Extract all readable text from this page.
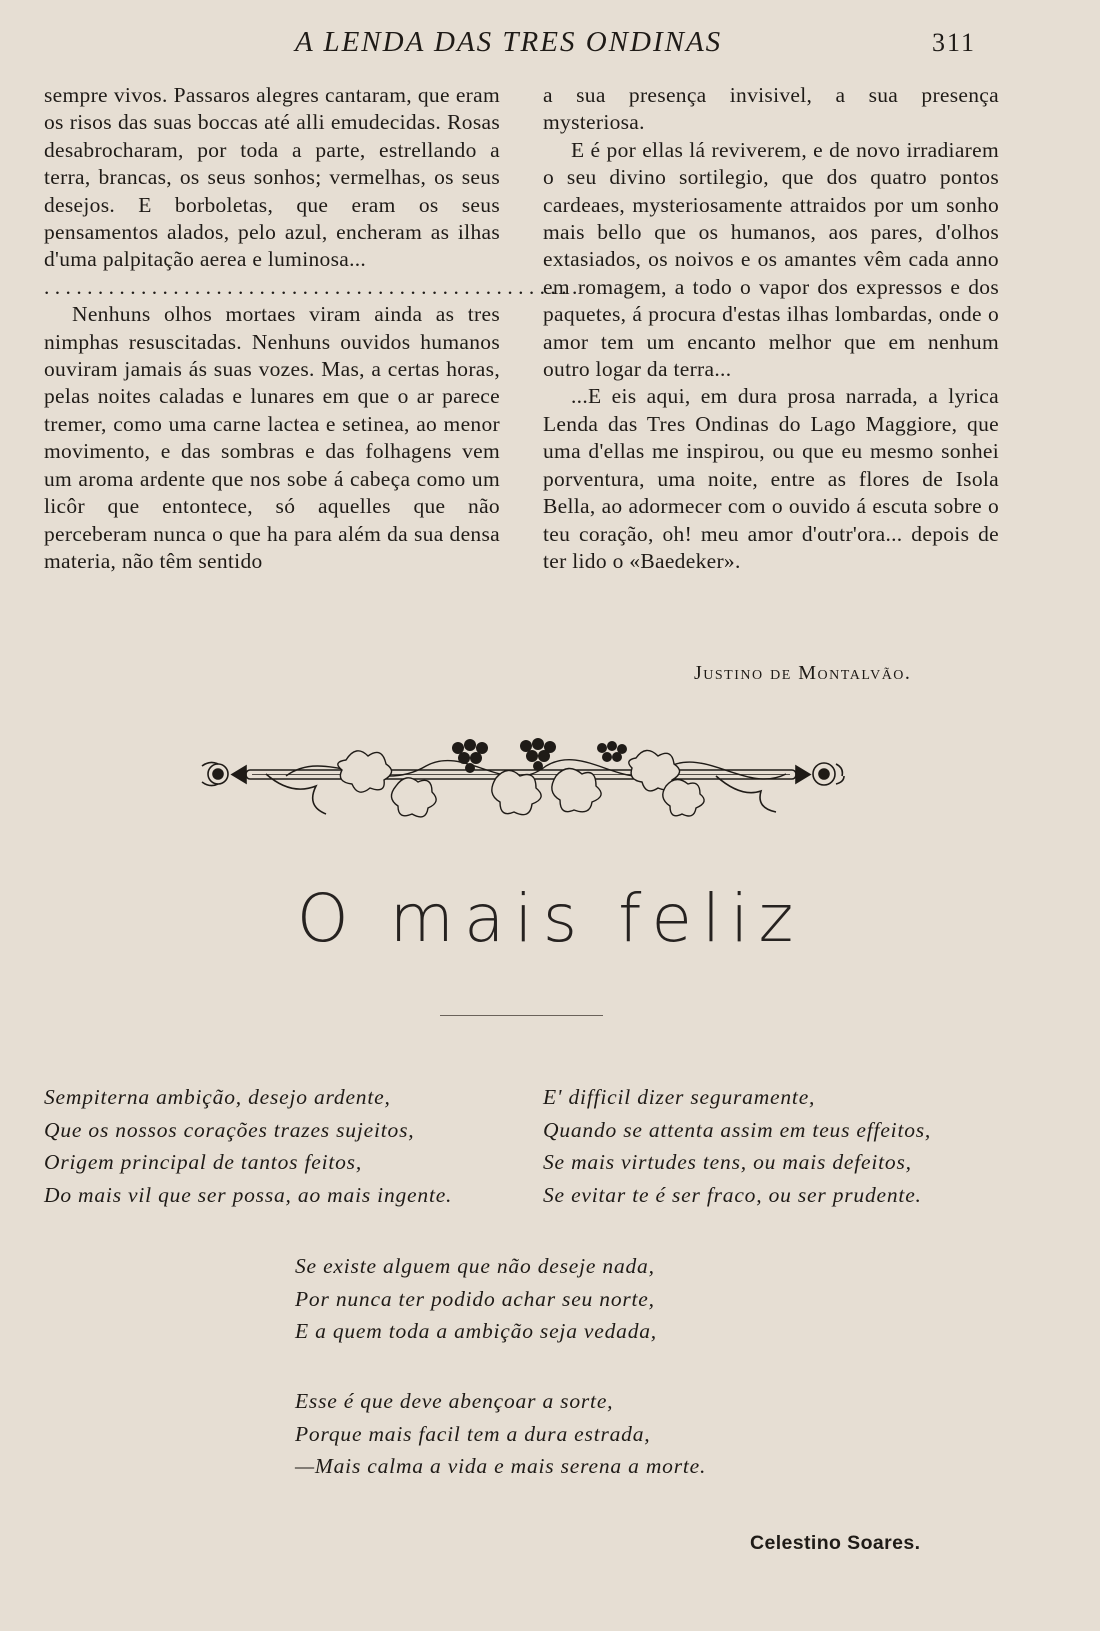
A LENDA DAS TRES ONDINAS	311

sempre vivos. Passaros alegres cantaram, que eram os risos das suas boccas até alli emudecidas. Rosas desabrocharam, por toda a parte, estrellando a terra, brancas, os seus sonhos; vermelhas, os seus desejos. E borboletas, que eram os seus pensamentos alados, pelo azul, encheram as ilhas d'uma palpitação aerea e luminosa...

..................................................

Nenhuns olhos mortaes viram ainda as tres nimphas resuscitadas. Nenhuns ouvidos humanos ouviram jamais ás suas vozes. Mas, a certas horas, pelas noites caladas e lunares em que o ar parece tremer, como uma carne lactea e setinea, ao menor movimento, e das sombras e das folhagens vem um aroma ardente que nos sobe á cabeça como um licôr que entontece, só aquelles que não perceberam nunca o que ha para além da sua densa materia, não têm sentido

a sua presença invisivel, a sua presença mysteriosa.

E é por ellas lá reviverem, e de novo irradiarem o seu divino sortilegio, que dos quatro pontos cardeaes, mysteriosamente attraidos por um sonho mais bello que os humanos, aos pares, d'olhos extasiados, os noivos e os amantes vêm cada anno em romagem, a todo o vapor dos expressos e dos paquetes, á procura d'estas ilhas lombardas, onde o amor tem um encanto melhor que em nenhum outro logar da terra...

...E eis aqui, em dura prosa narrada, a lyrica Lenda das Tres Ondinas do Lago Maggiore, que uma d'ellas me inspirou, ou que eu mesmo sonhei porventura, uma noite, entre as flores de Isola Bella, ao adormecer com o ouvido á escuta sobre o teu coração, oh! meu amor d'outr'ora... depois de ter lido o «Baedeker».

Justino de Montalvão.
O mais feliz
Sempiterna ambição, desejo ardente,
Que os nossos corações trazes sujeitos,
Origem principal de tantos feitos,
Do mais vil que ser possa, ao mais ingente.
E' difficil dizer seguramente,
Quando se attenta assim em teus effeitos,
Se mais virtudes tens, ou mais defeitos,
Se evitar te é ser fraco, ou ser prudente.
Se existe alguem que não deseje nada,
Por nunca ter podido achar seu norte,
E a quem toda a ambição seja vedada,
Esse é que deve abençoar a sorte,
Porque mais facil tem a dura estrada,
—Mais calma a vida e mais serena a morte.
Celestino Soares.
